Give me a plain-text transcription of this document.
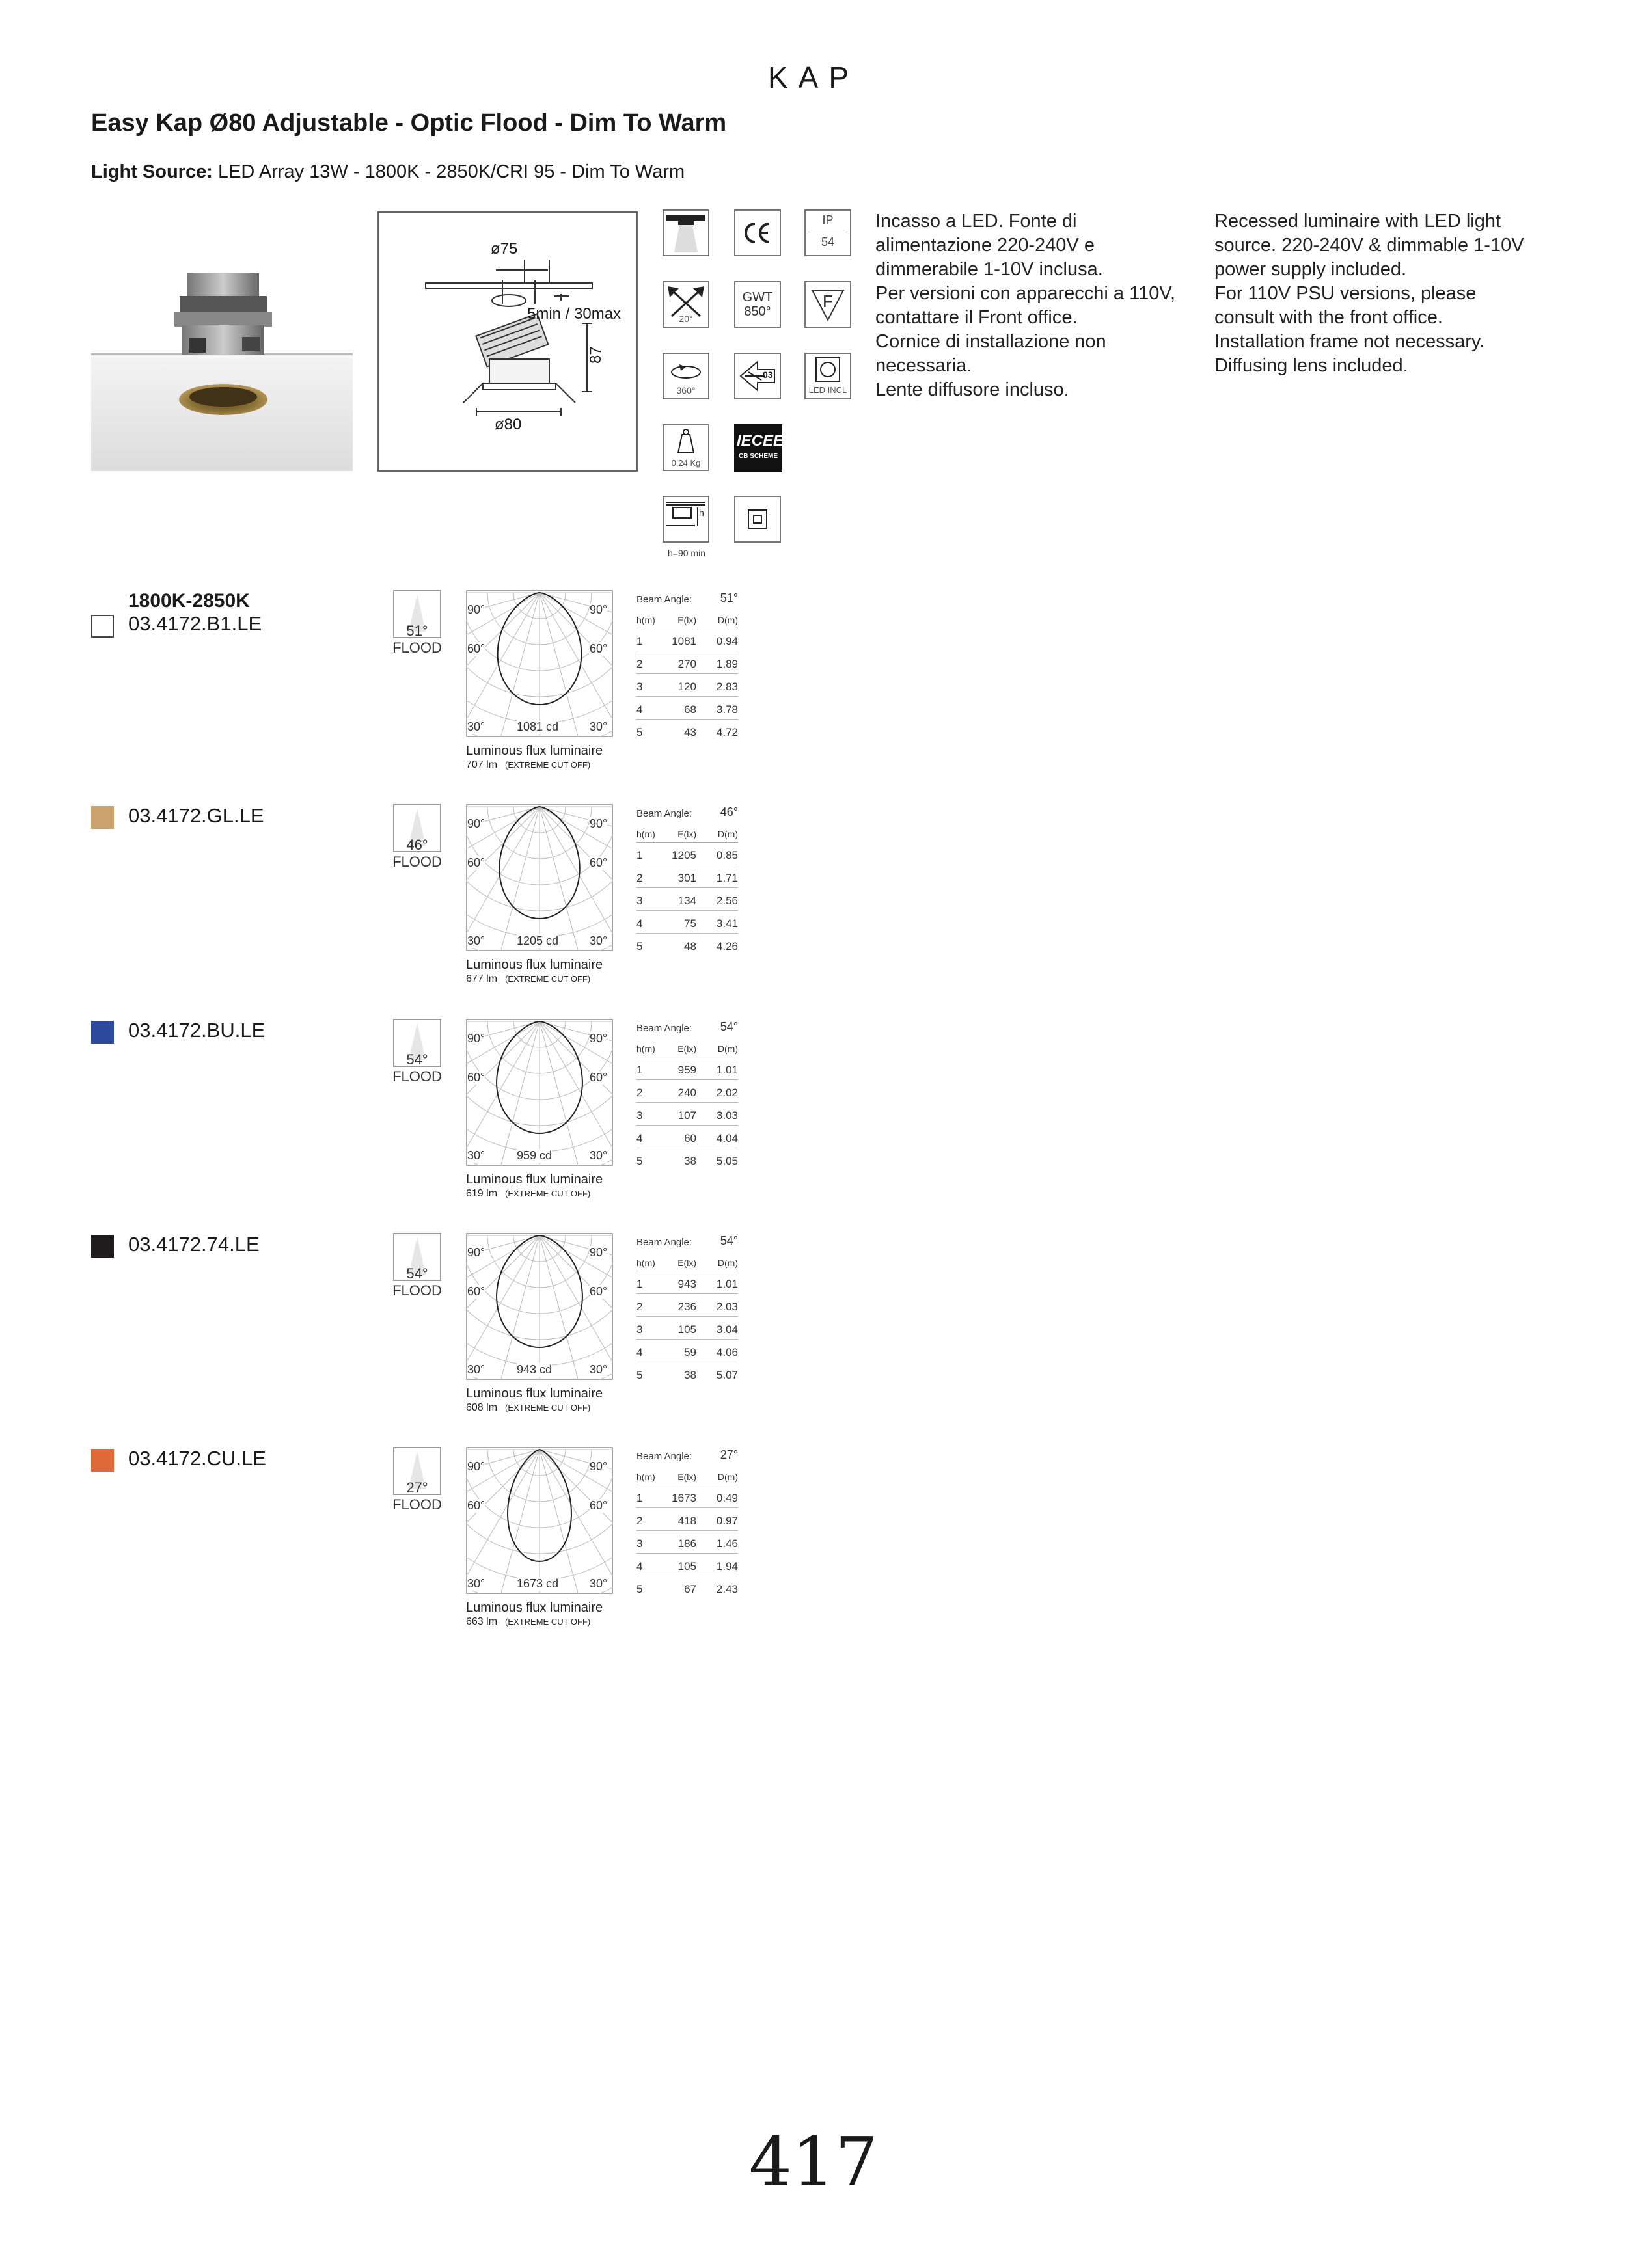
KAP
Easy Kap Ø80 Adjustable - Optic Flood - Dim To Warm
Light Source: LED Array 13W - 1800K - 2850K/CRI 95 - Dim To Warm
ø75
5min / 30max
87
ø80
IP
54
20°
GWT
850°
F
360°
03
LED INCL
0,24 Kg
IECEE
CB SCHEME
h
h=90 min
Incasso a LED. Fonte di
alimentazione 220-240V e
dimmerabile 1-10V inclusa.
Per versioni con apparecchi a 110V,
contattare il Front office.
Cornice di installazione non
necessaria.
Lente diffusore incluso.
Recessed luminaire with LED light
source. 220-240V & dimmable 1-10V
power supply included.
For 110V PSU versions, please
consult with the front office.
Installation frame not necessary.
Diffusing lens included.
1800K-2850K
03.4172.B1.LE	51°
FLOOD
90°	90°
60°	60°
30°	30°
1081 cd
Luminous flux luminaire
707 lm (EXTREME CUT OFF)
Beam Angle: 51°
h(m) E(lx) D(m)
1	1081 0.94
2	270 1.89
3	120 2.83
4	68 3.78
5	43 4.72
03.4172.GL.LE
46°
FLOOD
90°	90°
60°	60°
30°	30°
1205 cd
Luminous flux luminaire
677 lm (EXTREME CUT OFF)
Beam Angle: 46°
h(m) E(lx) D(m)
1	1205 0.85
2	301 1.71
3	134 2.56
4	75 3.41
5	48 4.26
03.4172.BU.LE
54°
FLOOD
90°	90°
60°	60°
30°	30°
959 cd
Luminous flux luminaire
619 lm (EXTREME CUT OFF)
Beam Angle: 54°
h(m) E(lx) D(m)
1	959 1.01
2	240 2.02
3	107 3.03
4	60 4.04
5	38 5.05
03.4172.74.LE
54°
FLOOD
90°	90°
60°	60°
30°	30°
943 cd
Luminous flux luminaire
608 lm (EXTREME CUT OFF)
Beam Angle: 54°
h(m) E(lx) D(m)
1	943 1.01
2	236 2.03
3	105 3.04
4	59 4.06
5	38 5.07
03.4172.CU.LE
27°
FLOOD
90°	90°
60°	60°
30°	30°
1673 cd
Luminous flux luminaire
663 lm (EXTREME CUT OFF)
Beam Angle: 27°
h(m) E(lx) D(m)
1	1673 0.49
2	418 0.97
3	186 1.46
4	105 1.94
5	67 2.43
417
